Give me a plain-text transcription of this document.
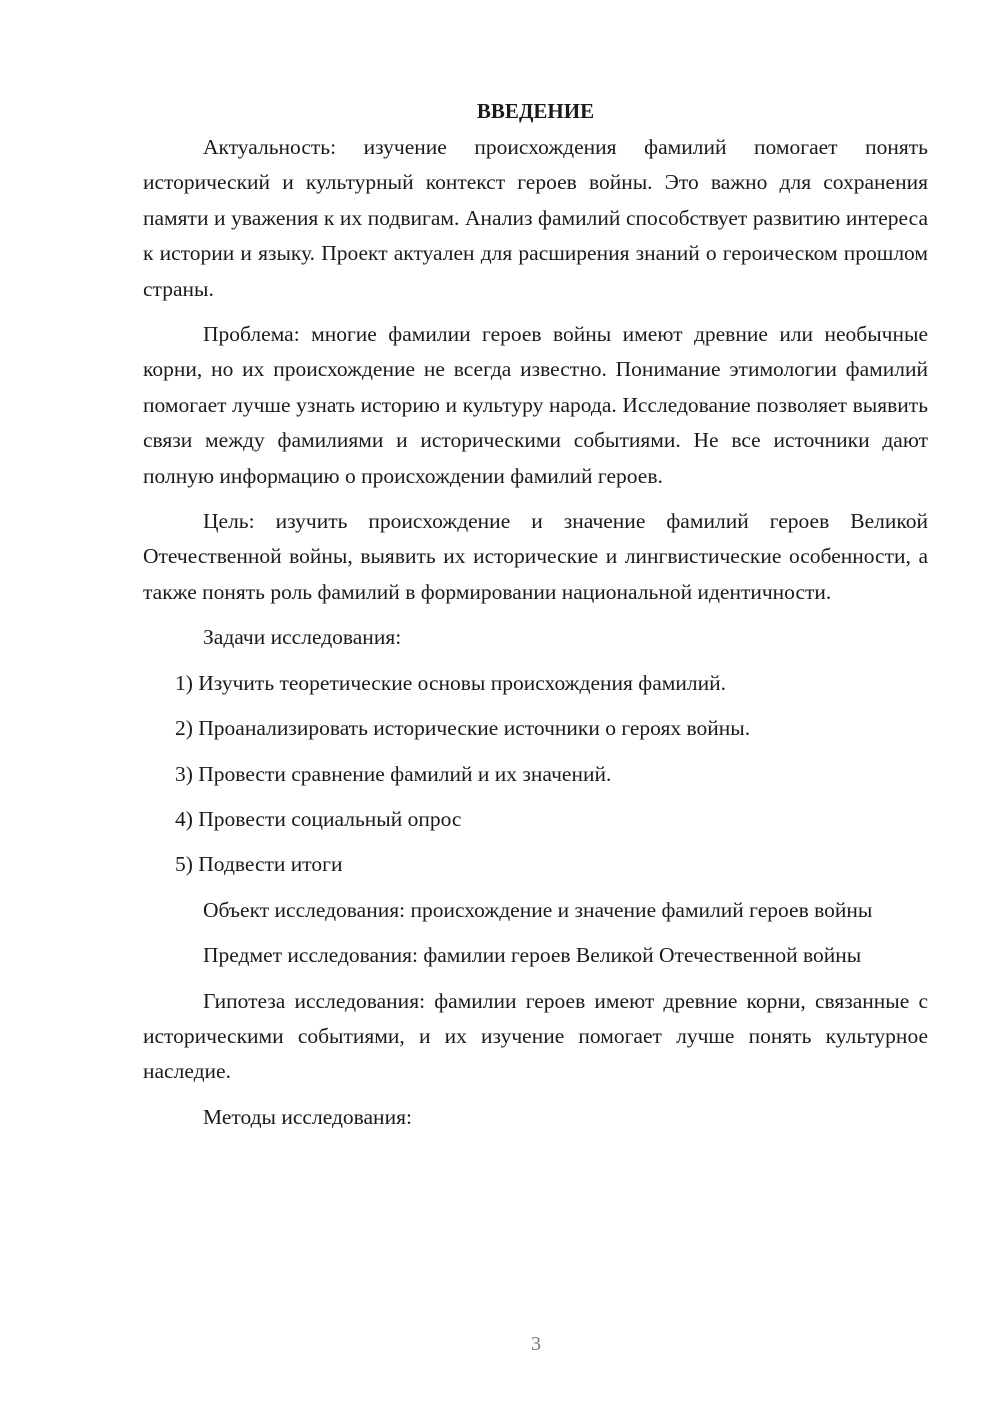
ВВЕДЕНИЕ

Актуальность: изучение происхождения фамилий помогает понять исторический и культурный контекст героев войны. Это важно для сохранения памяти и уважения к их подвигам. Анализ фамилий способствует развитию интереса к истории и языку. Проект актуален для расширения знаний о героическом прошлом страны.

Проблема: многие фамилии героев войны имеют древние или необычные корни, но их происхождение не всегда известно. Понимание этимологии фамилий помогает лучше узнать историю и культуру народа. Исследование позволяет выявить связи между фамилиями и историческими событиями. Не все источники дают полную информацию о происхождении фамилий героев.

Цель: изучить происхождение и значение фамилий героев Великой Отечественной войны, выявить их исторические и лингвистические особенности, а также понять роль фамилий в формировании национальной идентичности.

Задачи исследования:

1) Изучить теоретические основы происхождения фамилий.

2) Проанализировать исторические источники о героях войны.

3) Провести сравнение фамилий и их значений.

4) Провести социальный опрос

5) Подвести итоги

Объект исследования: происхождение и значение фамилий героев войны

Предмет исследования: фамилии героев Великой Отечественной войны

Гипотеза исследования: фамилии героев имеют древние корни, связанные с историческими событиями, и их изучение помогает лучше понять культурное наследие.

Методы исследования:

3
